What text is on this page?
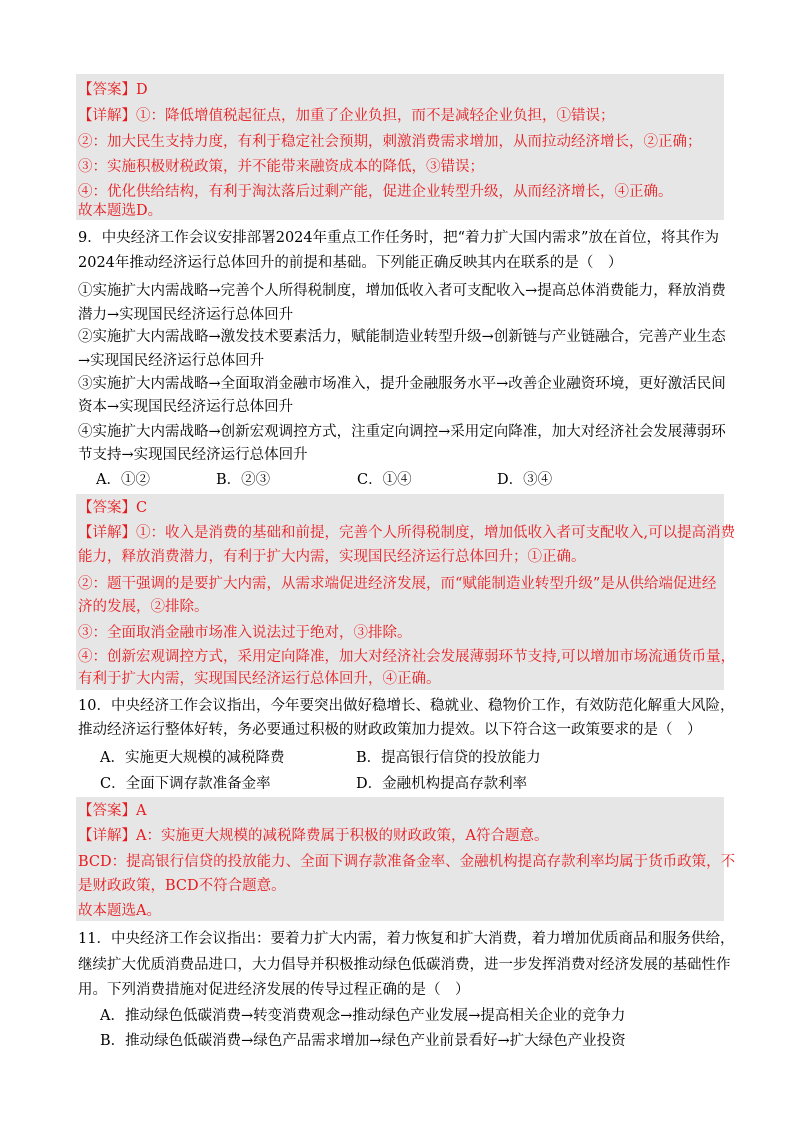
【答案】D
【详解】①：降低增值税起征点，加重了企业负担，而不是减轻企业负担，①错误；
②：加大民生支持力度，有利于稳定社会预期，刺激消费需求增加，从而拉动经济增长，②正确；
③：实施积极财税政策，并不能带来融资成本的降低，③错误；
④：优化供给结构，有利于淘汰落后过剩产能，促进企业转型升级，从而经济增长，④正确。
故本题选D。
9．中央经济工作会议安排部署2024年重点工作任务时，把“着力扩大国内需求”放在首位，将其作为
2024年推动经济运行总体回升的前提和基础。下列能正确反映其内在联系的是（　）
①实施扩大内需战略→完善个人所得税制度，增加低收入者可支配收入→提高总体消费能力，释放消费
潜力→实现国民经济运行总体回升
②实施扩大内需战略→激发技术要素活力，赋能制造业转型升级→创新链与产业链融合，完善产业生态
→实现国民经济运行总体回升
③实施扩大内需战略→全面取消金融市场准入，提升金融服务水平→改善企业融资环境，更好激活民间
资本→实现国民经济运行总体回升
④实施扩大内需战略→创新宏观调控方式，注重定向调控→采用定向降准，加大对经济社会发展薄弱环
节支持→实现国民经济运行总体回升
A．①②	B．②③	C．①④	D．③④
【答案】C
【详解】①：收入是消费的基础和前提，完善个人所得税制度，增加低收入者可支配收入,可以提高消费
能力，释放消费潜力，有利于扩大内需，实现国民经济运行总体回升；①正确。
②：题干强调的是要扩大内需，从需求端促进经济发展，而“赋能制造业转型升级”是从供给端促进经
济的发展，②排除。
③：全面取消金融市场准入说法过于绝对，③排除。
④：创新宏观调控方式，采用定向降准，加大对经济社会发展薄弱环节支持,可以增加市场流通货币量，
有利于扩大内需，实现国民经济运行总体回升，④正确。
10．中央经济工作会议指出，今年要突出做好稳增长、稳就业、稳物价工作，有效防范化解重大风险，
推动经济运行整体好转，务必要通过积极的财政政策加力提效。以下符合这一政策要求的是（　）
A．实施更大规模的减税降费	B．提高银行信贷的投放能力
C．全面下调存款准备金率	D．金融机构提高存款利率
【答案】A
【详解】A：实施更大规模的减税降费属于积极的财政政策，A符合题意。
BCD：提高银行信贷的投放能力、全面下调存款准备金率、金融机构提高存款利率均属于货币政策，不
是财政政策，BCD不符合题意。
故本题选A。
11．中央经济工作会议指出：要着力扩大内需，着力恢复和扩大消费，着力增加优质商品和服务供给，
继续扩大优质消费品进口，大力倡导并积极推动绿色低碳消费，进一步发挥消费对经济发展的基础性作
用。下列消费措施对促进经济发展的传导过程正确的是（　）
A．推动绿色低碳消费→转变消费观念→推动绿色产业发展→提高相关企业的竞争力
B．推动绿色低碳消费→绿色产品需求增加→绿色产业前景看好→扩大绿色产业投资
